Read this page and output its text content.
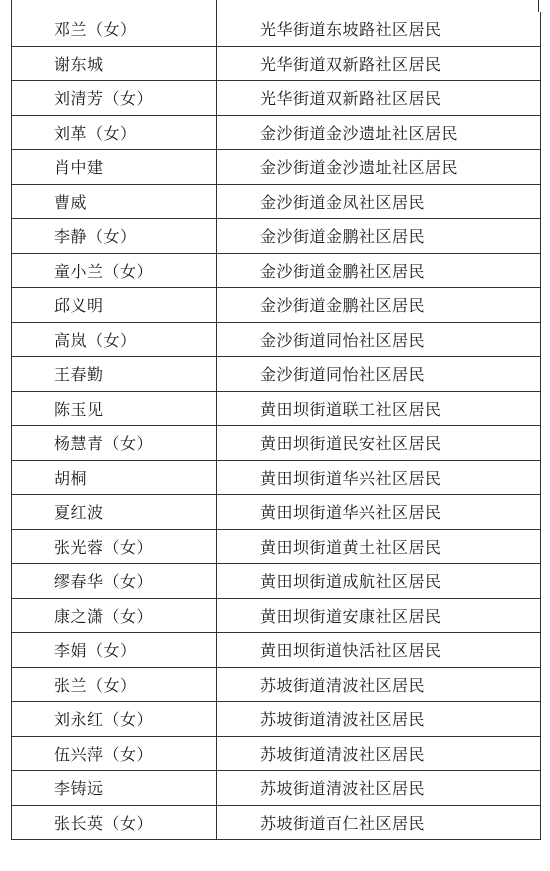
邓兰（女）	光华街道东坡路社区居民
谢东城	光华街道双新路社区居民
刘清芳（女）	光华街道双新路社区居民
刘革（女）	金沙街道金沙遗址社区居民
肖中建	金沙街道金沙遗址社区居民
曹威	金沙街道金凤社区居民
李静（女）	金沙街道金鹏社区居民
童小兰（女）	金沙街道金鹏社区居民
邱义明	金沙街道金鹏社区居民
高岚（女）	金沙街道同怡社区居民
王春勤	金沙街道同怡社区居民
陈玉见	黄田坝街道联工社区居民
杨慧青（女）	黄田坝街道民安社区居民
胡桐	黄田坝街道华兴社区居民
夏红波	黄田坝街道华兴社区居民
张光蓉（女）	黄田坝街道黄土社区居民
缪春华（女）	黄田坝街道成航社区居民
康之潇（女）	黄田坝街道安康社区居民
李娟（女）	黄田坝街道快活社区居民
张兰（女）	苏坡街道清波社区居民
刘永红（女）	苏坡街道清波社区居民
伍兴萍（女）	苏坡街道清波社区居民
李铸远	苏坡街道清波社区居民
张长英（女）	苏坡街道百仁社区居民
